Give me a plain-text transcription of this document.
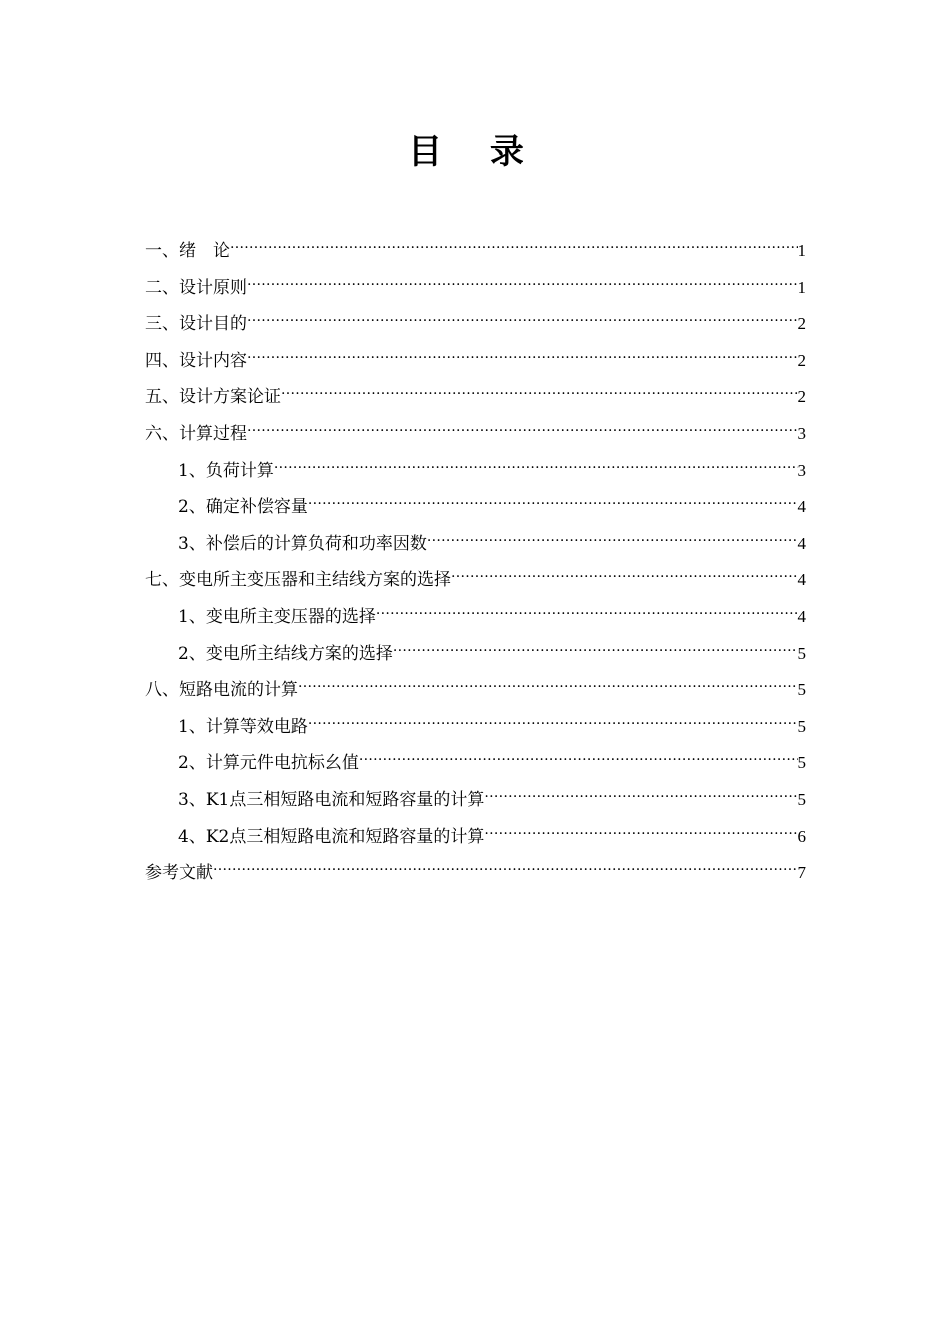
目 录
一、绪　论 .....	1
二、设计原则 .....	1
三、设计目的 .....	2
四、设计内容 .....	2
五、设计方案论证 .....	2
六、计算过程 .....	3
1、负荷计算 .....	3
2、确定补偿容量 .....	4
3、补偿后的计算负荷和功率因数 .....	4
七、变电所主变压器和主结线方案的选择 .....	4
1、变电所主变压器的选择 .....	4
2、变电所主结线方案的选择 .....	5
八、短路电流的计算 .....	5
1、计算等效电路 .....	5
2、计算元件电抗标幺值 .....	5
3、K1点三相短路电流和短路容量的计算 .....	5
4、K2点三相短路电流和短路容量的计算 .....	6
参考文献 .....	7
